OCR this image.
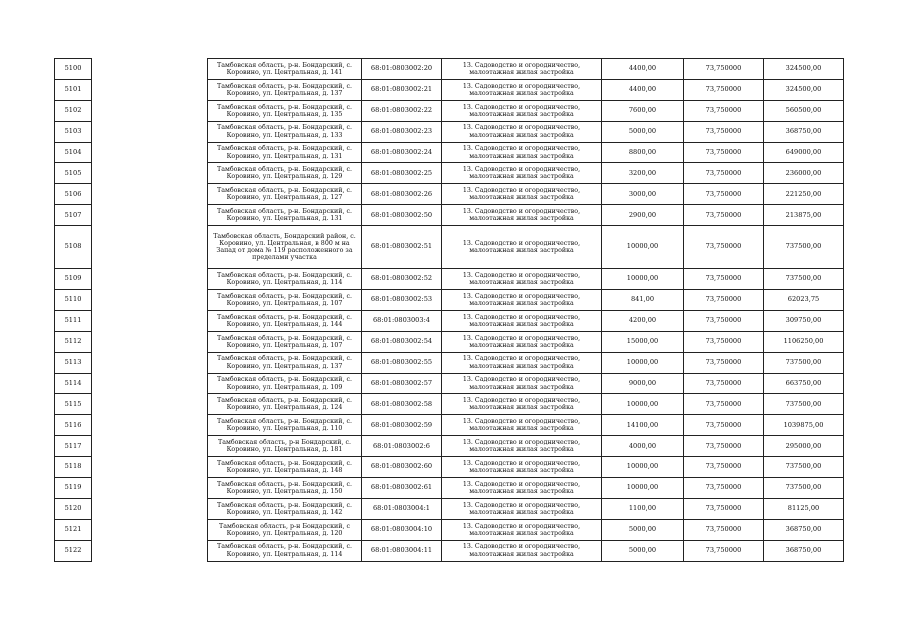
5100		Тамбовская область, р-н. Бондарский, с. Коровино, ул. Центральная, д. 141	68:01:0803002:20	13. Садоводство и огородничество, малоэтажная жилая застройка	4400,00	73,750000	324500,00
5101		Тамбовская область, р-н. Бондарский, с. Коровино, ул. Центральная, д. 137	68:01:0803002:21	13. Садоводство и огородничество, малоэтажная жилая застройка	4400,00	73,750000	324500,00
5102		Тамбовская область, р-н. Бондарский, с. Коровино, ул. Центральная, д. 135	68:01:0803002:22	13. Садоводство и огородничество, малоэтажная жилая застройка	7600,00	73,750000	560500,00
5103		Тамбовская область, р-н. Бондарский, с. Коровино, ул. Центральная, д. 133	68:01:0803002:23	13. Садоводство и огородничество, малоэтажная жилая застройка	5000,00	73,750000	368750,00
5104		Тамбовская область, р-н. Бондарский, с. Коровино, ул. Центральная, д. 131	68:01:0803002:24	13. Садоводство и огородничество, малоэтажная жилая застройка	8800,00	73,750000	649000,00
5105		Тамбовская область, р-н. Бондарский, с. Коровино, ул. Центральная, д. 129	68:01:0803002:25	13. Садоводство и огородничество, малоэтажная жилая застройка	3200,00	73,750000	236000,00
5106		Тамбовская область, р-н. Бондарский, с. Коровино, ул. Центральная, д. 127	68:01:0803002:26	13. Садоводство и огородничество, малоэтажная жилая застройка	3000,00	73,750000	221250,00
5107		Тамбовская область, р-н. Бондарский, с. Коровино, ул. Центральная, д. 131	68:01:0803002:50	13. Садоводство и огородничество, малоэтажная жилая застройка	2900,00	73,750000	213875,00
5108		Тамбовская область, Бондарский район, с. Коровино, ул. Центральная, в 800 м на Запад от дома № 119 расположенного за пределами участка	68:01:0803002:51	13. Садоводство и огородничество, малоэтажная жилая застройка	10000,00	73,750000	737500,00
5109		Тамбовская область, р-н. Бондарский, с. Коровино, ул. Центральная, д. 114	68:01:0803002:52	13. Садоводство и огородничество, малоэтажная жилая застройка	10000,00	73,750000	737500,00
5110		Тамбовская область, р-н. Бондарский, с. Коровино, ул. Центральная, д. 107	68:01:0803002:53	13. Садоводство и огородничество, малоэтажная жилая застройка	841,00	73,750000	62023,75
5111		Тамбовская область, р-н. Бондарский, с. Коровино, ул. Центральная, д. 144	68:01:0803003:4	13. Садоводство и огородничество, малоэтажная жилая застройка	4200,00	73,750000	309750,00
5112		Тамбовская область, р-н. Бондарский, с. Коровино, ул. Центральная, д. 107	68:01:0803002:54	13. Садоводство и огородничество, малоэтажная жилая застройка	15000,00	73,750000	1106250,00
5113		Тамбовская область, р-н. Бондарский, с. Коровино, ул. Центральная, д. 137	68:01:0803002:55	13. Садоводство и огородничество, малоэтажная жилая застройка	10000,00	73,750000	737500,00
5114		Тамбовская область, р-н. Бондарский, с. Коровино, ул. Центральная, д. 109	68:01:0803002:57	13. Садоводство и огородничество, малоэтажная жилая застройка	9000,00	73,750000	663750,00
5115		Тамбовская область, р-н. Бондарский, с. Коровино, ул. Центральная, д. 124	68:01:0803002:58	13. Садоводство и огородничество, малоэтажная жилая застройка	10000,00	73,750000	737500,00
5116		Тамбовская область, р-н. Бондарский, с. Коровино, ул. Центральная, д. 110	68:01:0803002:59	13. Садоводство и огородничество, малоэтажная жилая застройка	14100,00	73,750000	1039875,00
5117		Тамбовская область, р-н Бондарский, с. Коровино, ул. Центральная, д. 181	68:01:0803002:6	13. Садоводство и огородничество, малоэтажная жилая застройка	4000,00	73,750000	295000,00
5118		Тамбовская область, р-н. Бондарский, с. Коровино, ул. Центральная, д. 148	68:01:0803002:60	13. Садоводство и огородничество, малоэтажная жилая застройка	10000,00	73,750000	737500,00
5119		Тамбовская область, р-н. Бондарский, с. Коровино, ул. Центральная, д. 150	68:01:0803002:61	13. Садоводство и огородничество, малоэтажная жилая застройка	10000,00	73,750000	737500,00
5120		Тамбовская область, р-н. Бондарский, с. Коровино, ул. Центральная, д. 142	68:01:0803004:1	13. Садоводство и огородничество, малоэтажная жилая застройка	1100,00	73,750000	81125,00
5121		Тамбовская область, р-н Бондарский, с Коровино, ул. Центральная, д. 120	68:01:0803004:10	13. Садоводство и огородничество, малоэтажная жилая застройка	5000,00	73,750000	368750,00
5122		Тамбовская область, р-н. Бондарский, с. Коровино, ул. Центральная, д. 114	68:01:0803004:11	13. Садоводство и огородничество, малоэтажная жилая застройка	5000,00	73,750000	368750,00
